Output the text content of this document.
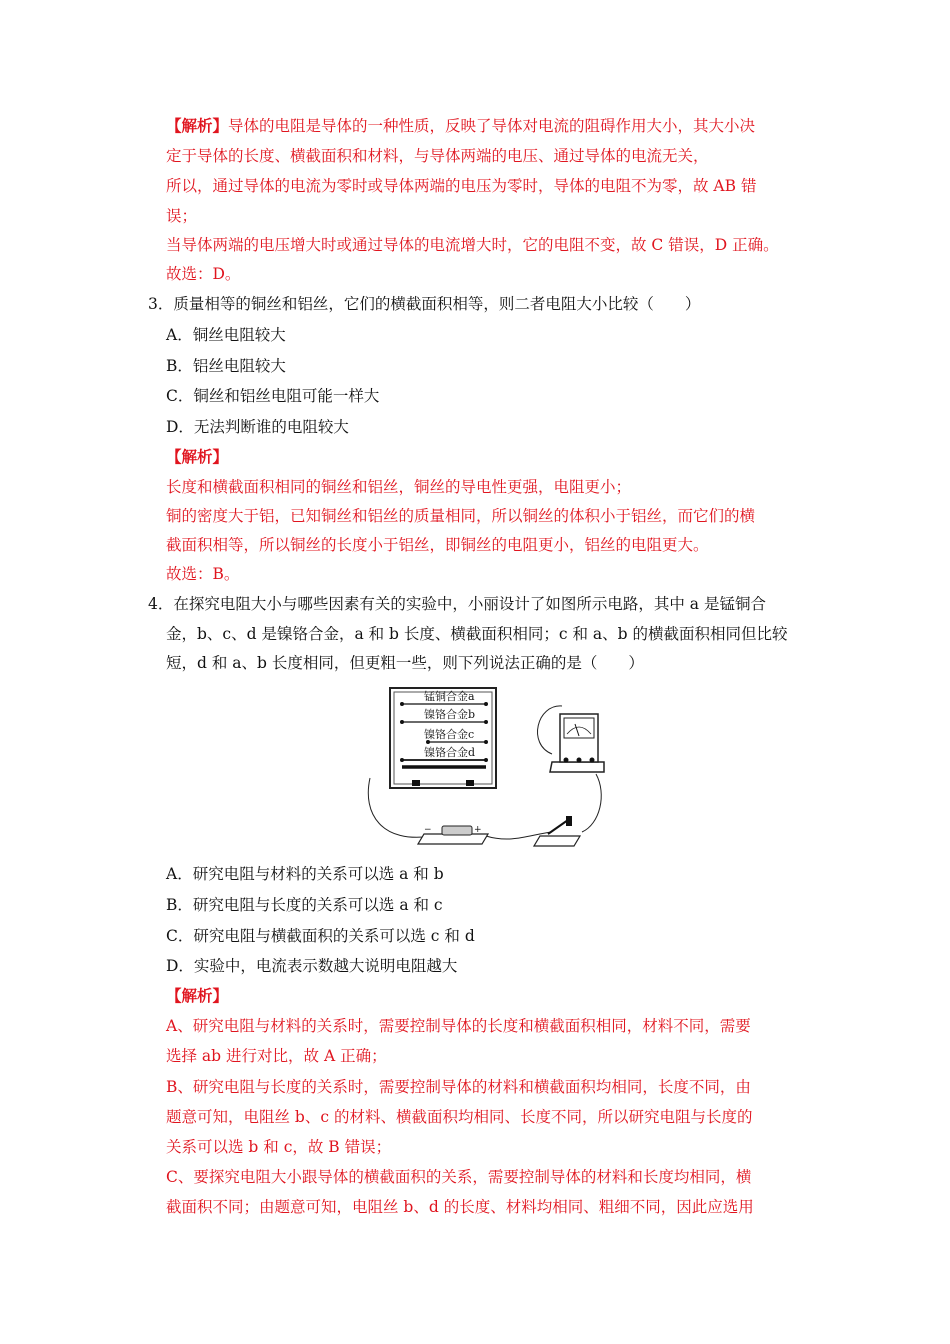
【解析】导体的电阻是导体的一种性质，反映了导体对电流的阻碍作用大小，其大小决
定于导体的长度、横截面积和材料，与导体两端的电压、通过导体的电流无关，
所以，通过导体的电流为零时或导体两端的电压为零时，导体的电阻不为零，故 AB 错
误；
当导体两端的电压增大时或通过导体的电流增大时，它的电阻不变，故 C 错误，D 正确。
故选：D。
3．质量相等的铜丝和铝丝，它们的横截面积相等，则二者电阻大小比较（　　）
A．铜丝电阻较大
B．铝丝电阻较大
C．铜丝和铝丝电阻可能一样大
D．无法判断谁的电阻较大
【解析】
长度和横截面积相同的铜丝和铝丝，铜丝的导电性更强，电阻更小；
铜的密度大于铝，已知铜丝和铝丝的质量相同，所以铜丝的体积小于铝丝，而它们的横
截面积相等，所以铜丝的长度小于铝丝，即铜丝的电阻更小，铝丝的电阻更大。
故选：B。
4．在探究电阻大小与哪些因素有关的实验中，小丽设计了如图所示电路，其中 a 是锰铜合
金，b、c、d 是镍铬合金，a 和 b 长度、横截面积相同；c 和 a、b 的横截面积相同但比较
短，d 和 a、b 长度相同，但更粗一些，则下列说法正确的是（　　）
锰铜合金a
镍铬合金b
镍铬合金c
镍铬合金d
−	+
A．研究电阻与材料的关系可以选 a 和 b
B．研究电阻与长度的关系可以选 a 和 c
C．研究电阻与横截面积的关系可以选 c 和 d
D．实验中，电流表示数越大说明电阻越大
【解析】
A、研究电阻与材料的关系时，需要控制导体的长度和横截面积相同，材料不同，需要
选择 ab 进行对比，故 A 正确；
B、研究电阻与长度的关系时，需要控制导体的材料和横截面积均相同，长度不同，由
题意可知，电阻丝 b、c 的材料、横截面积均相同、长度不同，所以研究电阻与长度的
关系可以选 b 和 c，故 B 错误；
C、要探究电阻大小跟导体的横截面积的关系，需要控制导体的材料和长度均相同，横
截面积不同；由题意可知，电阻丝 b、d 的长度、材料均相同、粗细不同，因此应选用
